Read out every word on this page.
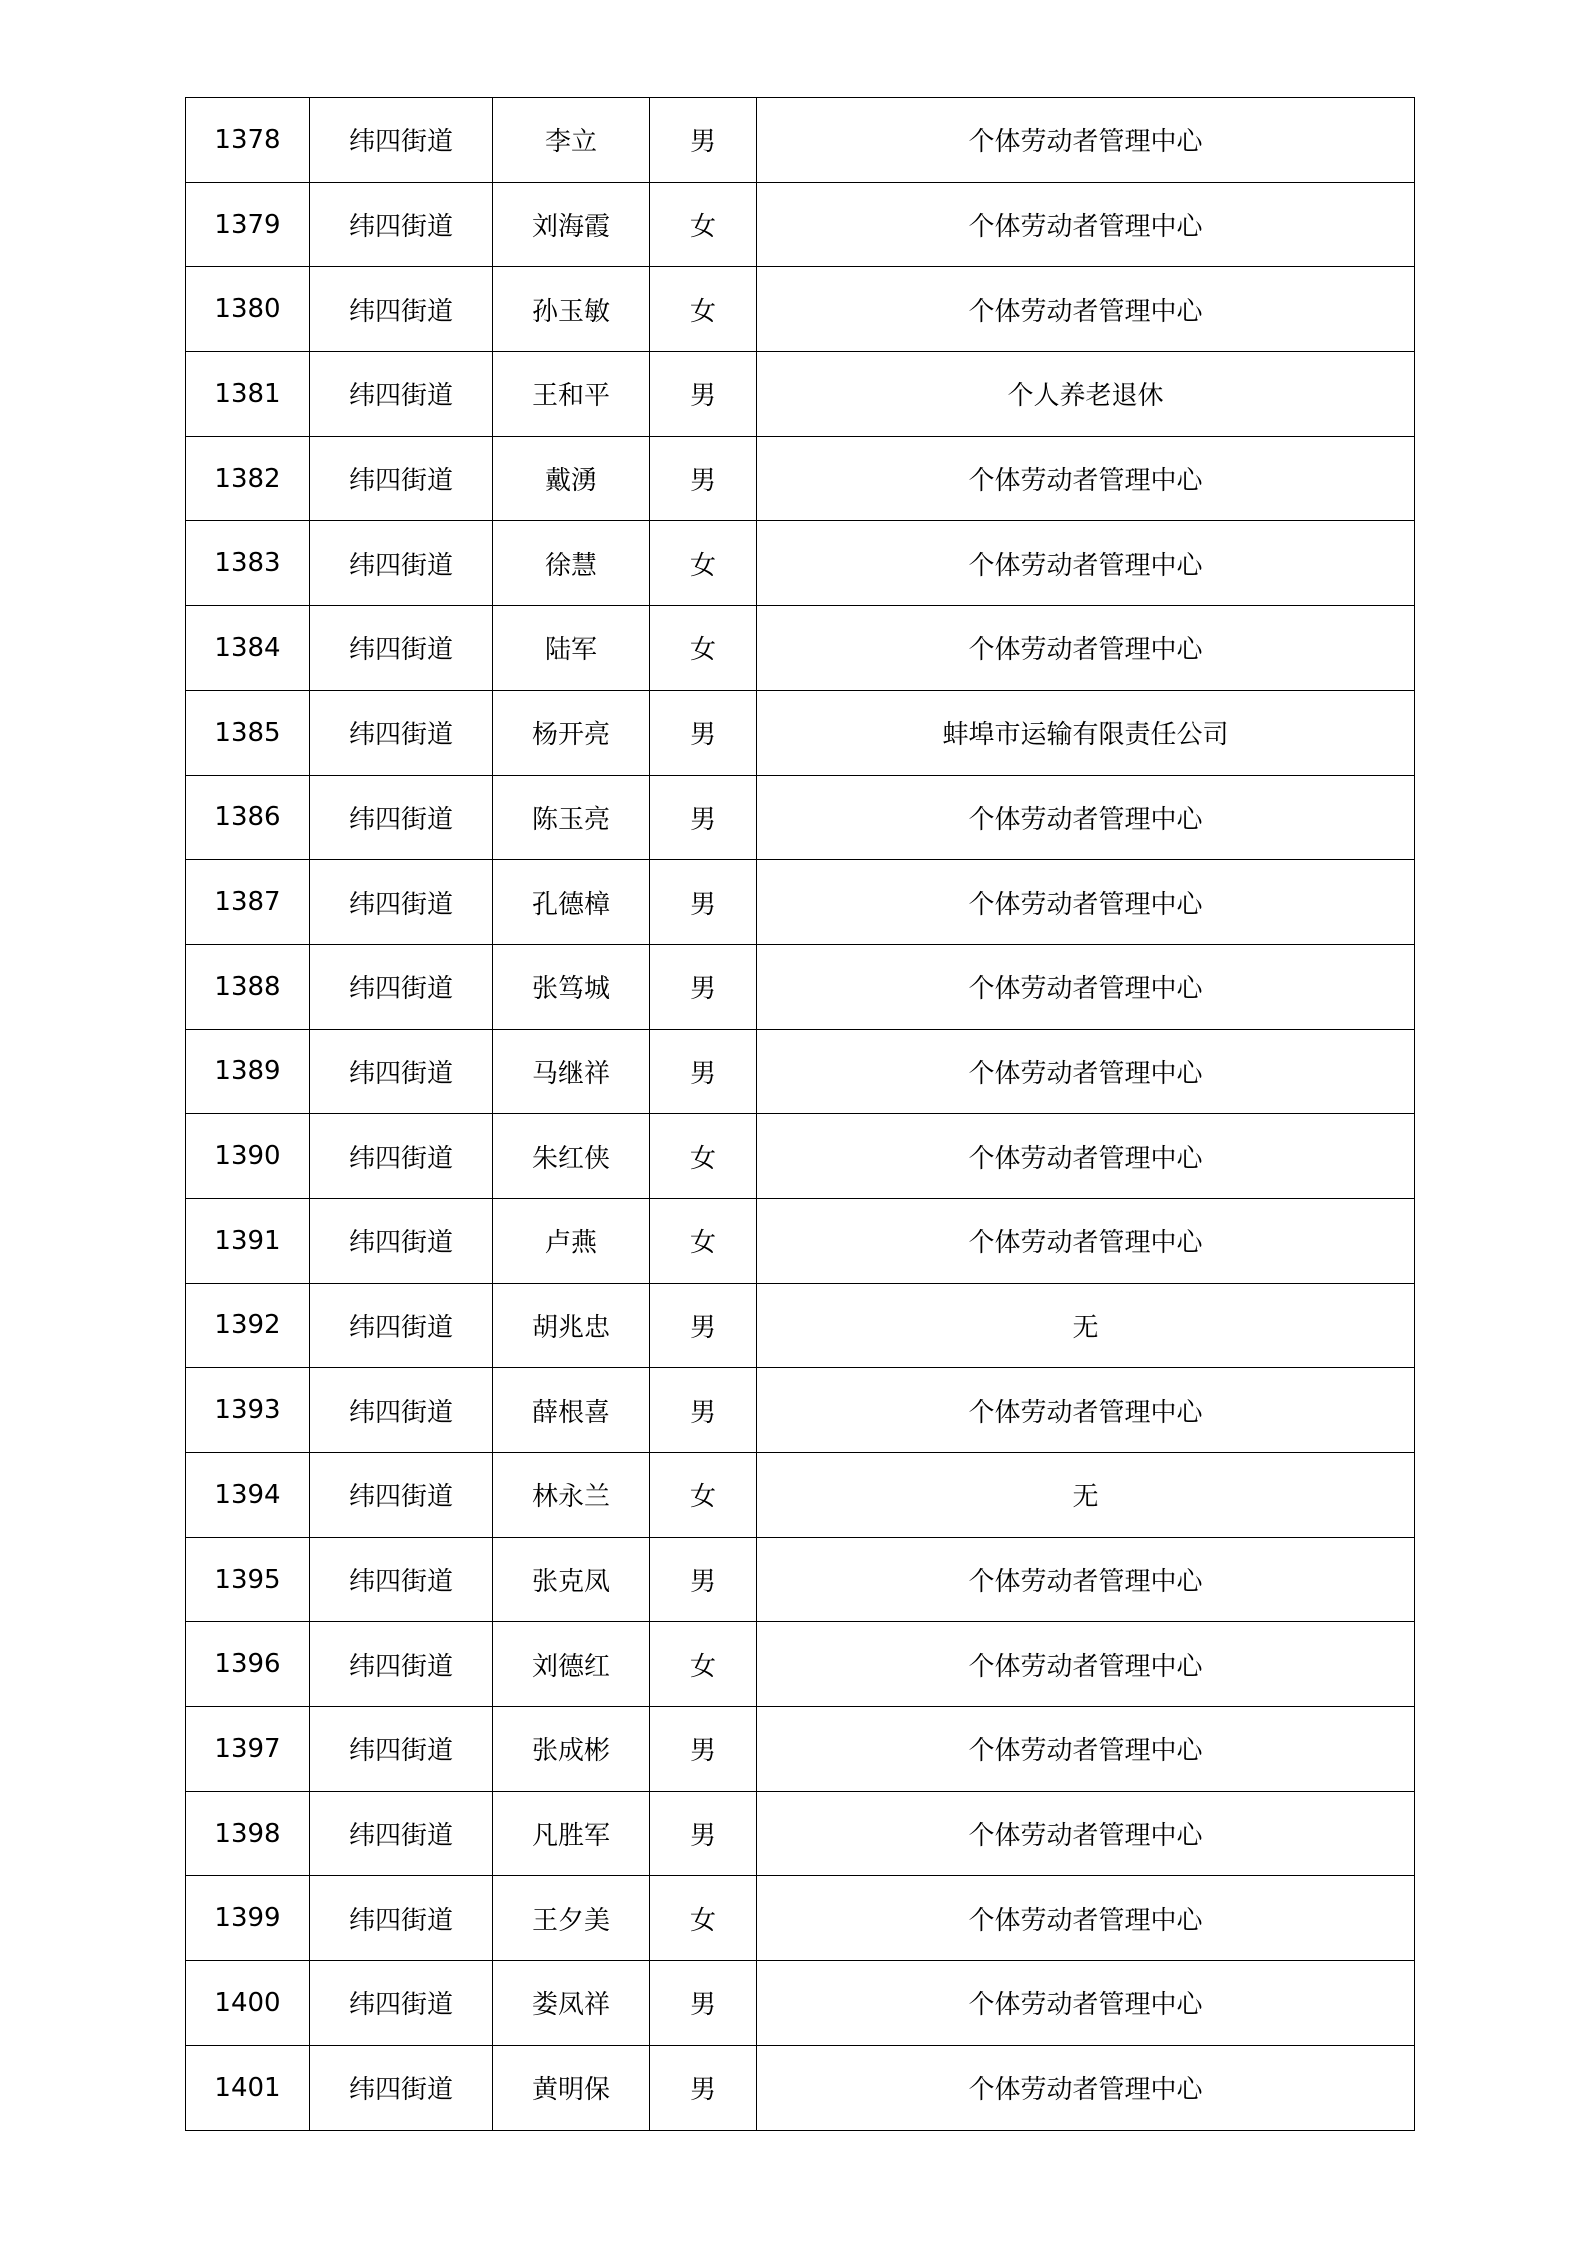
1378	纬四街道	李立	男	个体劳动者管理中心
1379	纬四街道	刘海霞	女	个体劳动者管理中心
1380	纬四街道	孙玉敏	女	个体劳动者管理中心
1381	纬四街道	王和平	男	个人养老退休
1382	纬四街道	戴湧	男	个体劳动者管理中心
1383	纬四街道	徐慧	女	个体劳动者管理中心
1384	纬四街道	陆军	女	个体劳动者管理中心
1385	纬四街道	杨开亮	男	蚌埠市运输有限责任公司
1386	纬四街道	陈玉亮	男	个体劳动者管理中心
1387	纬四街道	孔德樟	男	个体劳动者管理中心
1388	纬四街道	张笃城	男	个体劳动者管理中心
1389	纬四街道	马继祥	男	个体劳动者管理中心
1390	纬四街道	朱红侠	女	个体劳动者管理中心
1391	纬四街道	卢燕	女	个体劳动者管理中心
1392	纬四街道	胡兆忠	男	无
1393	纬四街道	薛根喜	男	个体劳动者管理中心
1394	纬四街道	林永兰	女	无
1395	纬四街道	张克凤	男	个体劳动者管理中心
1396	纬四街道	刘德红	女	个体劳动者管理中心
1397	纬四街道	张成彬	男	个体劳动者管理中心
1398	纬四街道	凡胜军	男	个体劳动者管理中心
1399	纬四街道	王夕美	女	个体劳动者管理中心
1400	纬四街道	娄凤祥	男	个体劳动者管理中心
1401	纬四街道	黄明保	男	个体劳动者管理中心
